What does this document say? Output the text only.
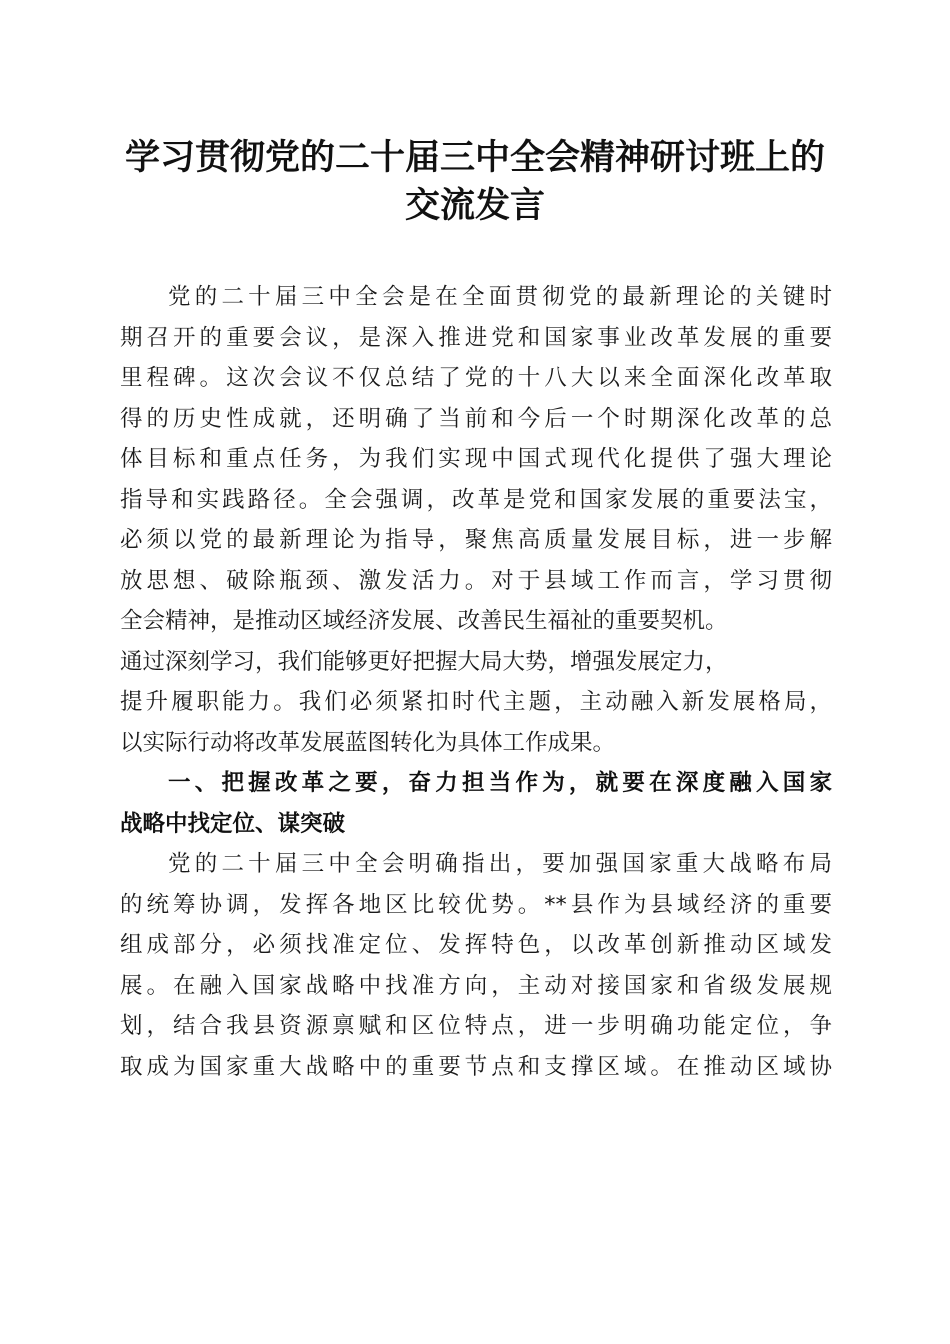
学习贯彻党的二十届三中全会精神研讨班上的
交流发言
党的二十届三中全会是在全面贯彻党的最新理论的关键时
期召开的重要会议，是深入推进党和国家事业改革发展的重要
里程碑。这次会议不仅总结了党的十八大以来全面深化改革取
得的历史性成就，还明确了当前和今后一个时期深化改革的总
体目标和重点任务，为我们实现中国式现代化提供了强大理论
指导和实践路径。全会强调，改革是党和国家发展的重要法宝，
必须以党的最新理论为指导，聚焦高质量发展目标，进一步解
放思想、破除瓶颈、激发活力。对于县域工作而言，学习贯彻
全会精神，是推动区域经济发展、改善民生福祉的重要契机。
通过深刻学习，我们能够更好把握大局大势，增强发展定力，
提升履职能力。我们必须紧扣时代主题，主动融入新发展格局，
以实际行动将改革发展蓝图转化为具体工作成果。
一、把握改革之要，奋力担当作为，就要在深度融入国家
战略中找定位、谋突破
党的二十届三中全会明确指出，要加强国家重大战略布局
的统筹协调，发挥各地区比较优势。**县作为县域经济的重要
组成部分，必须找准定位、发挥特色，以改革创新推动区域发
展。在融入国家战略中找准方向，主动对接国家和省级发展规
划，结合我县资源禀赋和区位特点，进一步明确功能定位，争
取成为国家重大战略中的重要节点和支撑区域。在推动区域协
